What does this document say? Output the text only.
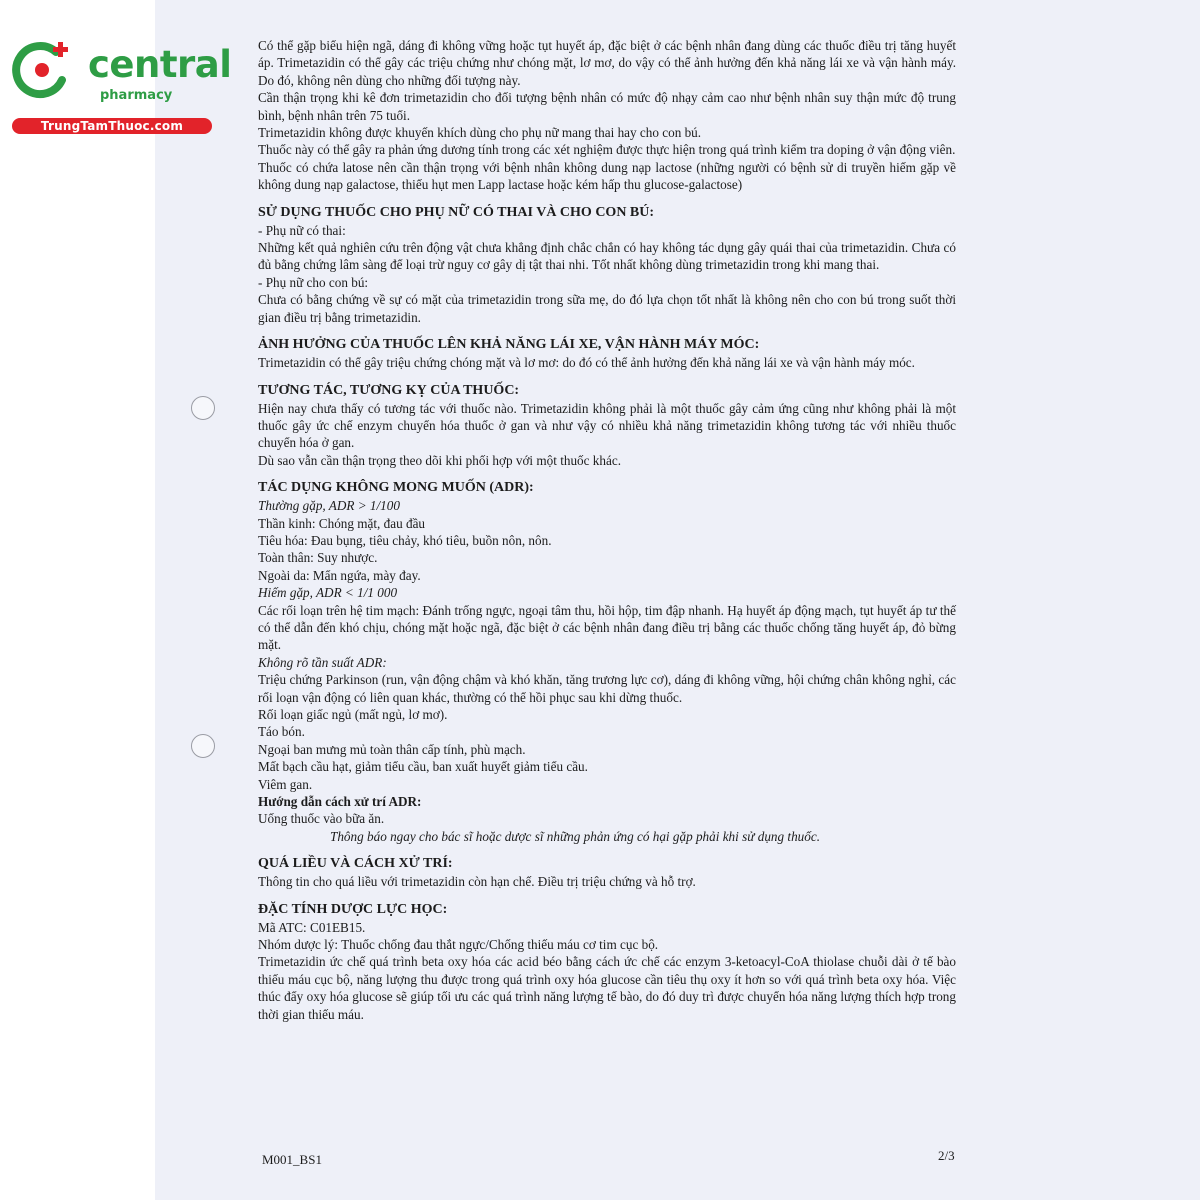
central
pharmacy
TrungTamThuoc.com

Có thể gặp biểu hiện ngã, dáng đi không vững hoặc tụt huyết áp, đặc biệt ở các bệnh nhân đang dùng các thuốc điều trị tăng huyết áp. Trimetazidin có thể gây các triệu chứng như chóng mặt, lơ mơ, do vậy có thể ảnh hưởng đến khả năng lái xe và vận hành máy. Do đó, không nên dùng cho những đối tượng này.

Cần thận trọng khi kê đơn trimetazidin cho đối tượng bệnh nhân có mức độ nhạy cảm cao như bệnh nhân suy thận mức độ trung bình, bệnh nhân trên 75 tuổi.

Trimetazidin không được khuyến khích dùng cho phụ nữ mang thai hay cho con bú.

Thuốc này có thể gây ra phản ứng dương tính trong các xét nghiệm được thực hiện trong quá trình kiểm tra doping ở vận động viên.

Thuốc có chứa latose nên cần thận trọng với bệnh nhân không dung nạp lactose (những người có bệnh sử di truyền hiếm gặp về không dung nạp galactose, thiếu hụt men Lapp lactase hoặc kém hấp thu glucose-galactose)

SỬ DỤNG THUỐC CHO PHỤ NỮ CÓ THAI VÀ CHO CON BÚ:

- Phụ nữ có thai:

Những kết quả nghiên cứu trên động vật chưa khẳng định chắc chắn có hay không tác dụng gây quái thai của trimetazidin. Chưa có đủ bằng chứng lâm sàng để loại trừ nguy cơ gây dị tật thai nhi. Tốt nhất không dùng trimetazidin trong khi mang thai.

- Phụ nữ cho con bú:

Chưa có bằng chứng về sự có mặt của trimetazidin trong sữa mẹ, do đó lựa chọn tốt nhất là không nên cho con bú trong suốt thời gian điều trị bằng trimetazidin.

ẢNH HƯỞNG CỦA THUỐC LÊN KHẢ NĂNG LÁI XE, VẬN HÀNH MÁY MÓC:

Trimetazidin có thể gây triệu chứng chóng mặt và lơ mơ: do đó có thể ảnh hưởng đến khả năng lái xe và vận hành máy móc.

TƯƠNG TÁC, TƯƠNG KỴ CỦA THUỐC:

Hiện nay chưa thấy có tương tác với thuốc nào. Trimetazidin không phải là một thuốc gây cảm ứng cũng như không phải là một thuốc gây ức chế enzym chuyển hóa thuốc ở gan và như vậy có nhiều khả năng trimetazidin không tương tác với nhiều thuốc chuyển hóa ở gan.

Dù sao vẫn cần thận trọng theo dõi khi phối hợp với một thuốc khác.

TÁC DỤNG KHÔNG MONG MUỐN (ADR):

Thường gặp, ADR > 1/100

Thần kinh: Chóng mặt, đau đầu

Tiêu hóa: Đau bụng, tiêu chảy, khó tiêu, buồn nôn, nôn.

Toàn thân: Suy nhược.

Ngoài da: Mẩn ngứa, mày đay.

Hiếm gặp, ADR < 1/1 000

Các rối loạn trên hệ tim mạch: Đánh trống ngực, ngoại tâm thu, hồi hộp, tim đập nhanh. Hạ huyết áp động mạch, tụt huyết áp tư thế có thể dẫn đến khó chịu, chóng mặt hoặc ngã, đặc biệt ở các bệnh nhân đang điều trị bằng các thuốc chống tăng huyết áp, đỏ bừng mặt.

Không rõ tần suất ADR:

Triệu chứng Parkinson (run, vận động chậm và khó khăn, tăng trương lực cơ), dáng đi không vững, hội chứng chân không nghỉ, các rối loạn vận động có liên quan khác, thường có thể hồi phục sau khi dừng thuốc.

Rối loạn giấc ngủ (mất ngủ, lơ mơ).

Táo bón.

Ngoại ban mưng mủ toàn thân cấp tính, phù mạch.

Mất bạch cầu hạt, giảm tiểu cầu, ban xuất huyết giảm tiểu cầu.

Viêm gan.

Hướng dẫn cách xử trí ADR:

Uống thuốc vào bữa ăn.

Thông báo ngay cho bác sĩ hoặc dược sĩ những phản ứng có hại gặp phải khi sử dụng thuốc.

QUÁ LIỀU VÀ CÁCH XỬ TRÍ:

Thông tin cho quá liều với trimetazidin còn hạn chế. Điều trị triệu chứng và hỗ trợ.

ĐẶC TÍNH DƯỢC LỰC HỌC:

Mã ATC: C01EB15.

Nhóm dược lý: Thuốc chống đau thắt ngực/Chống thiếu máu cơ tim cục bộ.

Trimetazidin ức chế quá trình beta oxy hóa các acid béo bằng cách ức chế các enzym 3-ketoacyl-CoA thiolase chuỗi dài ở tế bào thiếu máu cục bộ, năng lượng thu được trong quá trình oxy hóa glucose cần tiêu thụ oxy ít hơn so với quá trình beta oxy hóa. Việc thúc đẩy oxy hóa glucose sẽ giúp tối ưu các quá trình năng lượng tế bào, do đó duy trì được chuyển hóa năng lượng thích hợp trong thời gian thiếu máu.

M001_BS1	2/3
